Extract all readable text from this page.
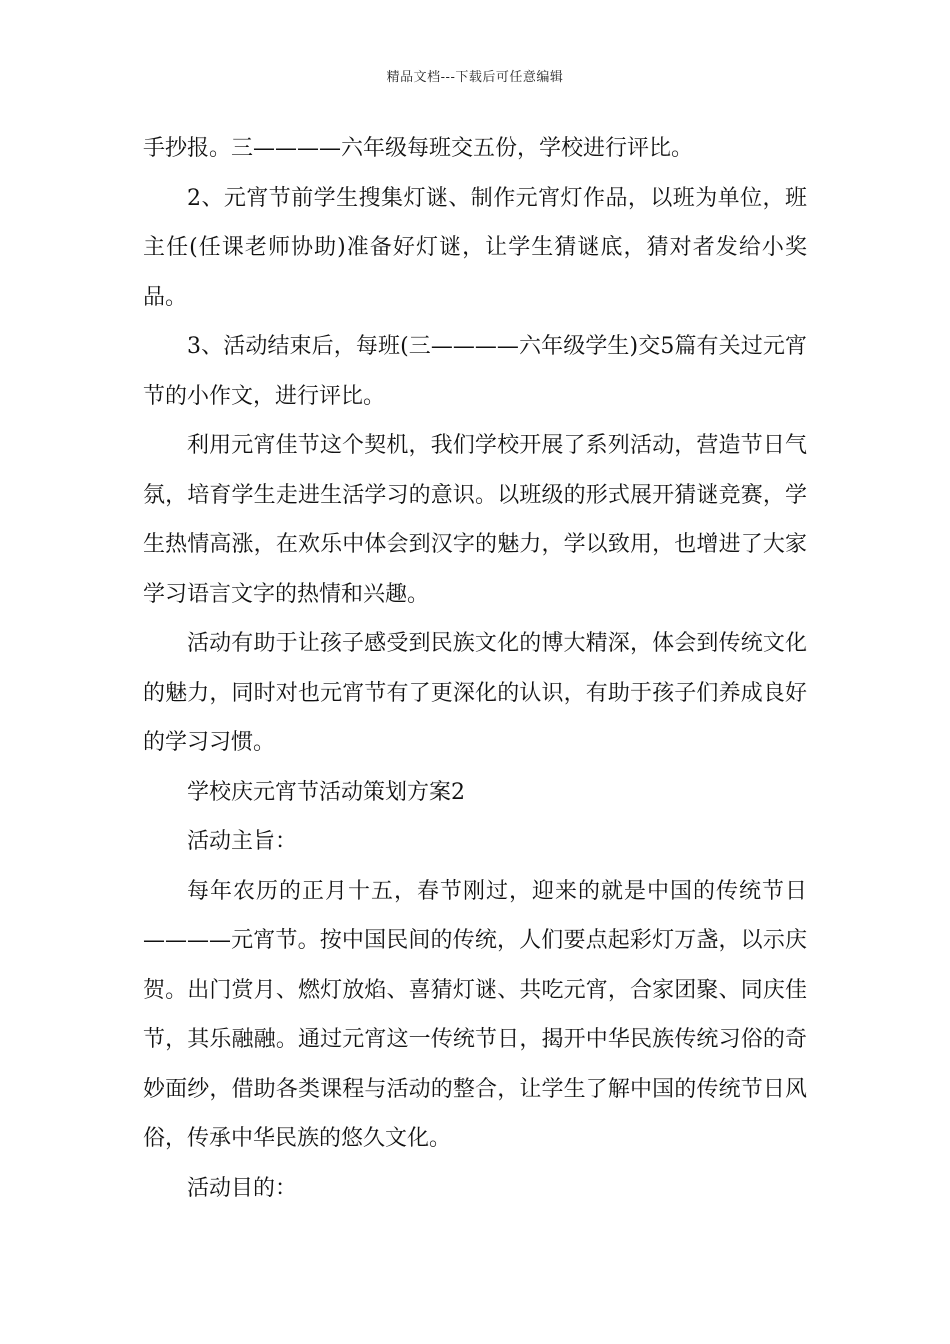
精品文档---下载后可任意编辑

手抄报。三————六年级每班交五份，学校进行评比。

2、元宵节前学生搜集灯谜、制作元宵灯作品，以班为单位，班主任(任课老师协助)准备好灯谜，让学生猜谜底，猜对者发给小奖品。

3、活动结束后，每班(三————六年级学生)交5篇有关过元宵节的小作文，进行评比。

利用元宵佳节这个契机，我们学校开展了系列活动，营造节日气氛，培育学生走进生活学习的意识。以班级的形式展开猜谜竞赛，学生热情高涨，在欢乐中体会到汉字的魅力，学以致用，也增进了大家学习语言文字的热情和兴趣。

活动有助于让孩子感受到民族文化的博大精深，体会到传统文化的魅力，同时对也元宵节有了更深化的认识，有助于孩子们养成良好的学习习惯。

学校庆元宵节活动策划方案2

活动主旨：

每年农历的正月十五，春节刚过，迎来的就是中国的传统节日————元宵节。按中国民间的传统，人们要点起彩灯万盏，以示庆贺。出门赏月、燃灯放焰、喜猜灯谜、共吃元宵，合家团聚、同庆佳节，其乐融融。通过元宵这一传统节日，揭开中华民族传统习俗的奇妙面纱，借助各类课程与活动的整合，让学生了解中国的传统节日风俗，传承中华民族的悠久文化。

活动目的：
